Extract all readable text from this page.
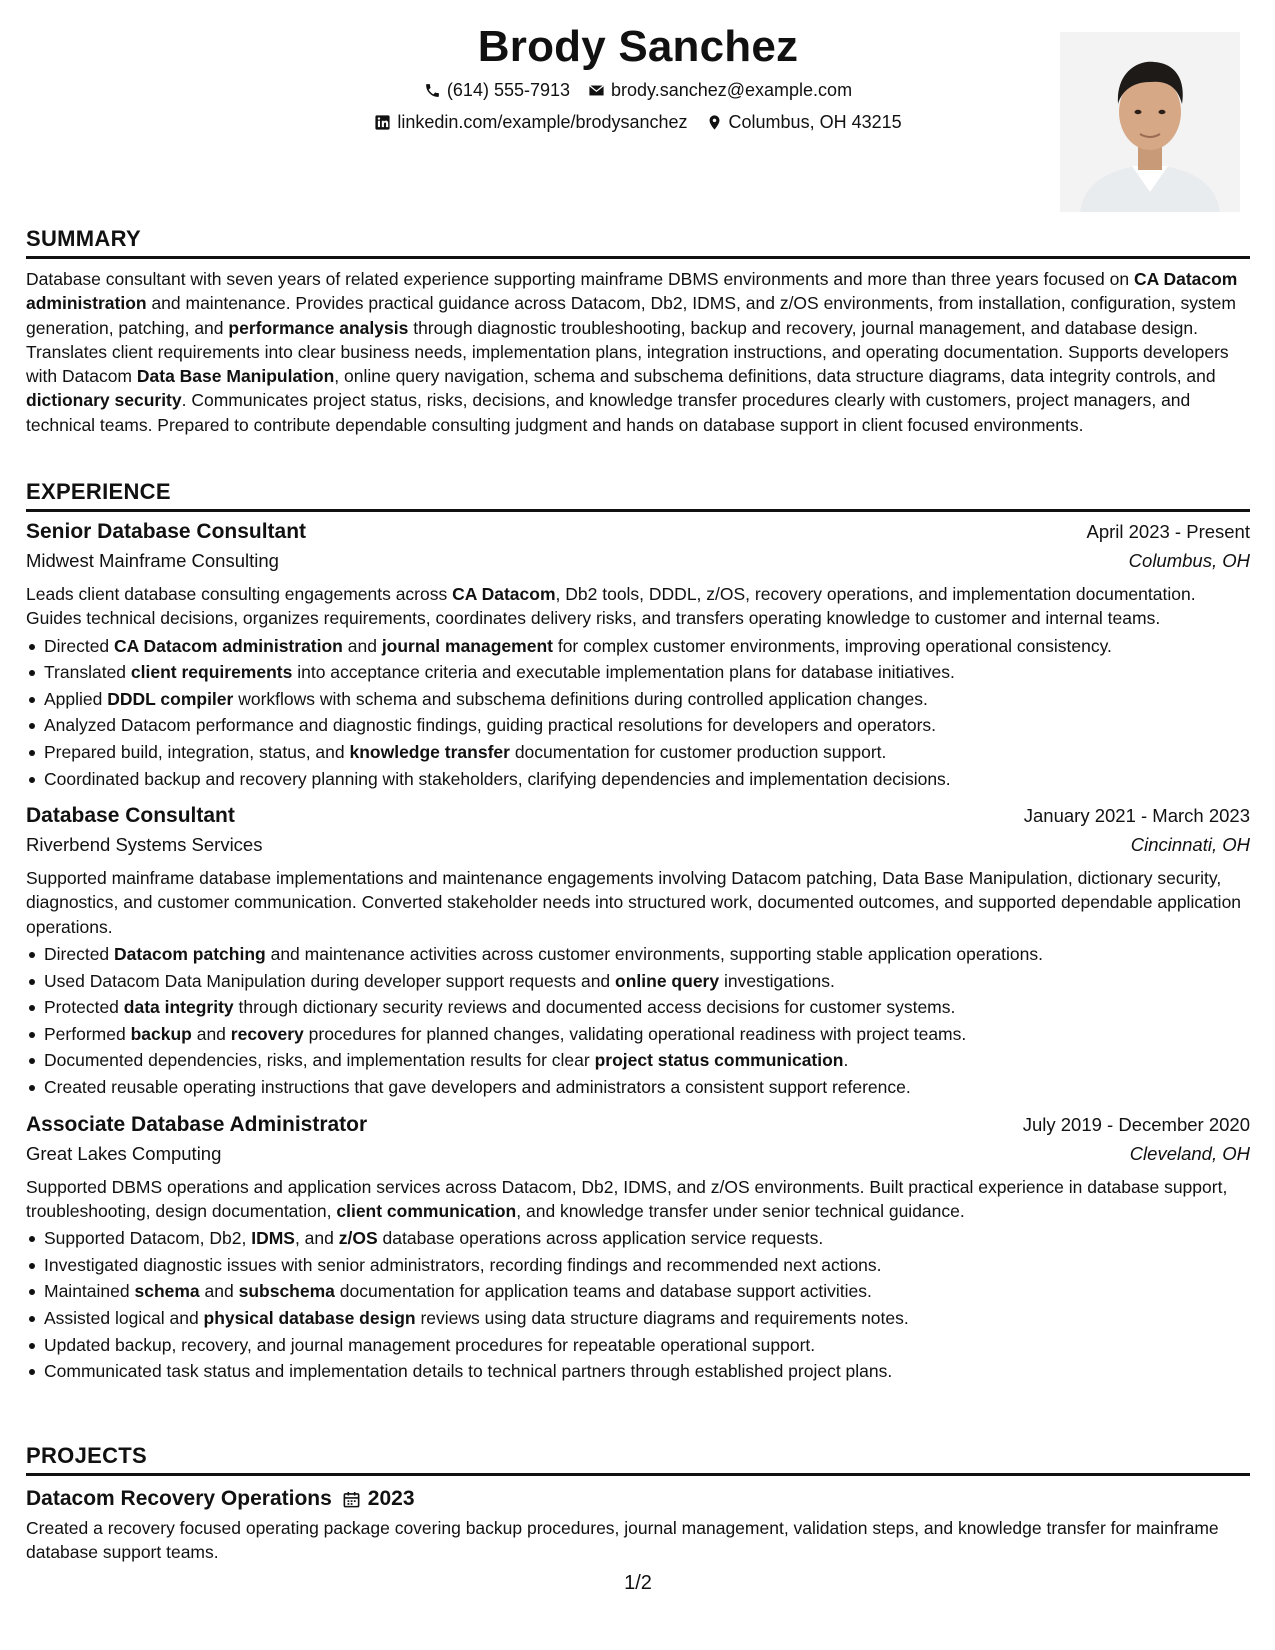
Brody Sanchez
(614) 555-7913 brody.sanchez@example.com
linkedin.com/example/brodysanchez Columbus, OH 43215
SUMMARY

Database consultant with seven years of related experience supporting mainframe DBMS environments and more than three years focused on CA Datacom administration and maintenance. Provides practical guidance across Datacom, Db2, IDMS, and z/OS environments, from installation, configuration, system generation, patching, and performance analysis through diagnostic troubleshooting, backup and recovery, journal management, and database design. Translates client requirements into clear business needs, implementation plans, integration instructions, and operating documentation. Supports developers with Datacom Data Base Manipulation, online query navigation, schema and subschema definitions, data structure diagrams, data integrity controls, and dictionary security. Communicates project status, risks, decisions, and knowledge transfer procedures clearly with customers, project managers, and technical teams. Prepared to contribute dependable consulting judgment and hands on database support in client focused environments.

EXPERIENCE
Senior Database Consultant	April 2023 - Present
Midwest Mainframe Consulting	Columbus, OH

Leads client database consulting engagements across CA Datacom, Db2 tools, DDDL, z/OS, recovery operations, and implementation documentation. Guides technical decisions, organizes requirements, coordinates delivery risks, and transfers operating knowledge to customer and internal teams.

Directed CA Datacom administration and journal management for complex customer environments, improving operational consistency.
Translated client requirements into acceptance criteria and executable implementation plans for database initiatives.
Applied DDDL compiler workflows with schema and subschema definitions during controlled application changes.
Analyzed Datacom performance and diagnostic findings, guiding practical resolutions for developers and operators.
Prepared build, integration, status, and knowledge transfer documentation for customer production support.
Coordinated backup and recovery planning with stakeholders, clarifying dependencies and implementation decisions.
Database Consultant	January 2021 - March 2023
Riverbend Systems Services	Cincinnati, OH

Supported mainframe database implementations and maintenance engagements involving Datacom patching, Data Base Manipulation, dictionary security, diagnostics, and customer communication. Converted stakeholder needs into structured work, documented outcomes, and supported dependable application operations.

Directed Datacom patching and maintenance activities across customer environments, supporting stable application operations.
Used Datacom Data Manipulation during developer support requests and online query investigations.
Protected data integrity through dictionary security reviews and documented access decisions for customer systems.
Performed backup and recovery procedures for planned changes, validating operational readiness with project teams.
Documented dependencies, risks, and implementation results for clear project status communication.
Created reusable operating instructions that gave developers and administrators a consistent support reference.
Associate Database Administrator	July 2019 - December 2020
Great Lakes Computing	Cleveland, OH

Supported DBMS operations and application services across Datacom, Db2, IDMS, and z/OS environments. Built practical experience in database support, troubleshooting, design documentation, client communication, and knowledge transfer under senior technical guidance.

Supported Datacom, Db2, IDMS, and z/OS database operations across application service requests.
Investigated diagnostic issues with senior administrators, recording findings and recommended next actions.
Maintained schema and subschema documentation for application teams and database support activities.
Assisted logical and physical database design reviews using data structure diagrams and requirements notes.
Updated backup, recovery, and journal management procedures for repeatable operational support.
Communicated task status and implementation details to technical partners through established project plans.
PROJECTS
Datacom Recovery Operations 2023

Created a recovery focused operating package covering backup procedures, journal management, validation steps, and knowledge transfer for mainframe database support teams.

1/2
